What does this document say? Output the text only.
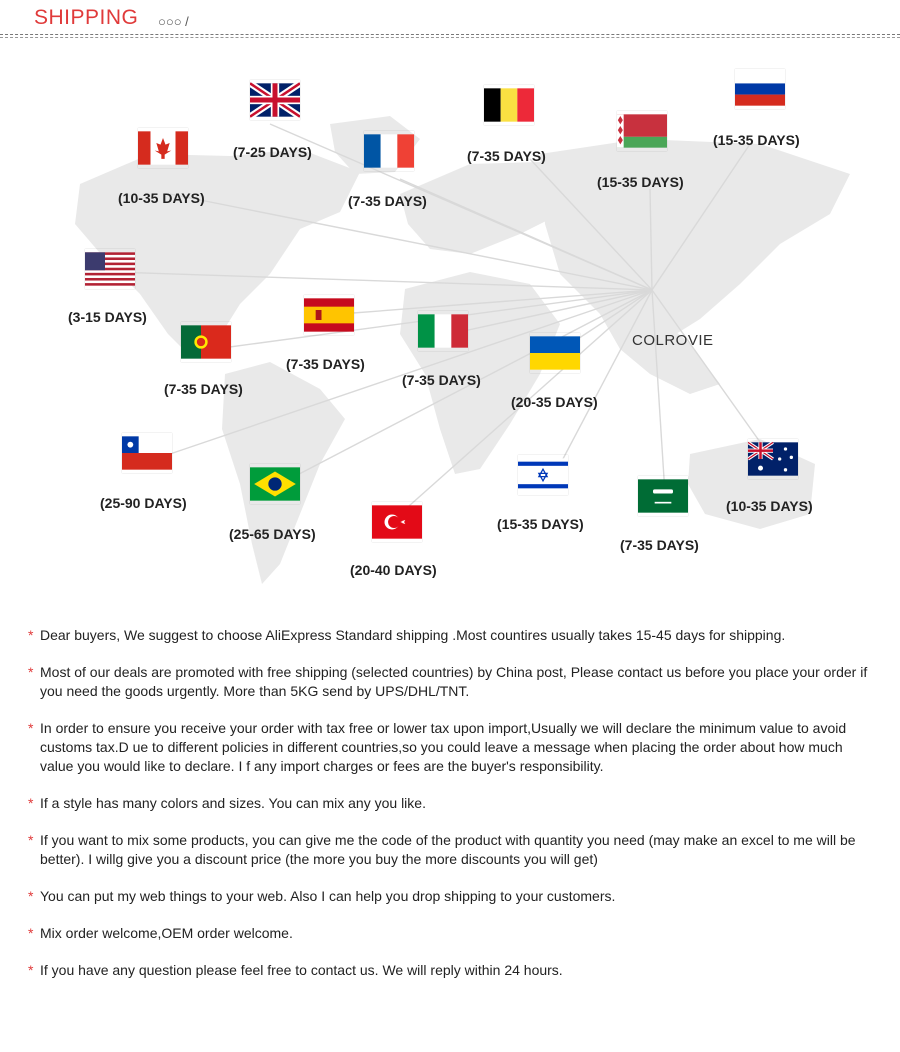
SHIPPING ○○○ /
COLROVIE
(7-25 DAYS)
(10-35 DAYS)	(7-35 DAYS)
(7-35 DAYS)
(15-35 DAYS)
(15-35 DAYS)
(3-15 DAYS)
(7-35 DAYS)
(7-35 DAYS)
(7-35 DAYS)
(20-35 DAYS)
(25-90 DAYS)
(25-65 DAYS)
(20-40 DAYS)
(15-35 DAYS)
(7-35 DAYS)
(10-35 DAYS)
* Dear buyers, We suggest to choose AliExpress Standard shipping .Most countires usually takes 15-45 days for shipping.
* Most of our deals are promoted with free shipping (selected countries) by China post, Please contact us before you place your order if you need the goods urgently. More than 5KG send by UPS/DHL/TNT.
* In order to ensure you receive your order with tax free or lower tax upon import,Usually we will declare the minimum value to avoid customs tax.D ue to different policies in different countries,so you could leave a message when placing the order about how much value you would like to declare. I f any import charges or fees are the buyer's responsibility.
* If a style has many colors and sizes. You can mix any you like.
* If you want to mix some products, you can give me the code of the product with quantity you need (may make an excel to me will be better). I willg give you a discount price (the more you buy the more discounts you will get)
* You can put my web things to your web. Also I can help you drop shipping to your customers.
* Mix order welcome,OEM order welcome.
* If you have any question please feel free to contact us. We will reply within 24 hours.
